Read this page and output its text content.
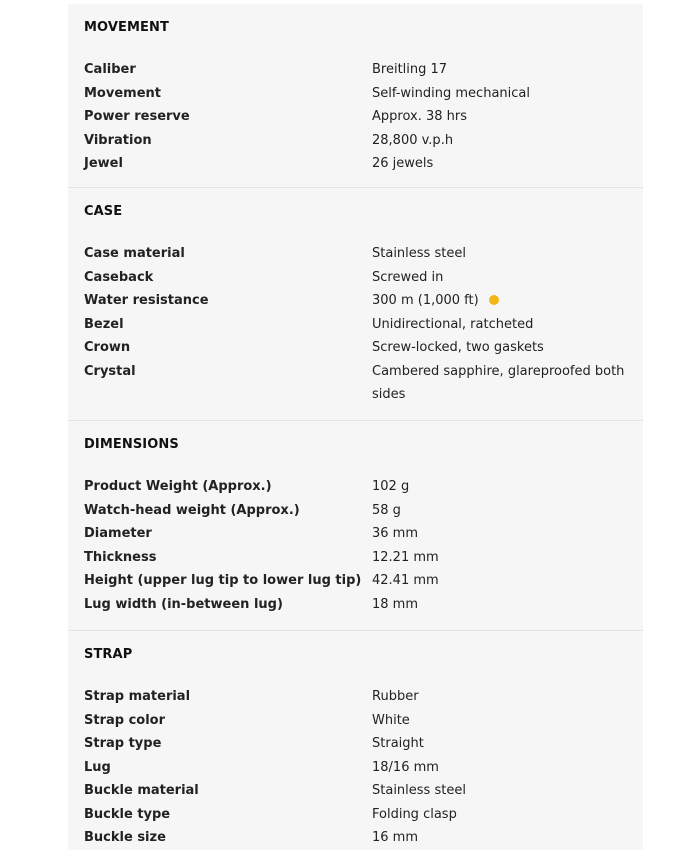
MOVEMENT
Caliber	Breitling 17
Movement	Self-winding mechanical
Power reserve	Approx. 38 hrs
Vibration	28,800 v.p.h
Jewel	26 jewels
CASE
Case material	Stainless steel
Caseback	Screwed in
Water resistance	300 m (1,000 ft)
Bezel	Unidirectional, ratcheted
Crown	Screw-locked, two gaskets
Crystal	Cambered sapphire, glareproofed both sides
DIMENSIONS
Product Weight (Approx.)	102 g
Watch-head weight (Approx.)	58 g
Diameter	36 mm
Thickness	12.21 mm
Height (upper lug tip to lower lug tip) 42.41 mm
Lug width (in-between lug)	18 mm
STRAP
Strap material	Rubber
Strap color	White
Strap type	Straight
Lug	18/16 mm
Buckle material	Stainless steel
Buckle type	Folding clasp
Buckle size	16 mm
